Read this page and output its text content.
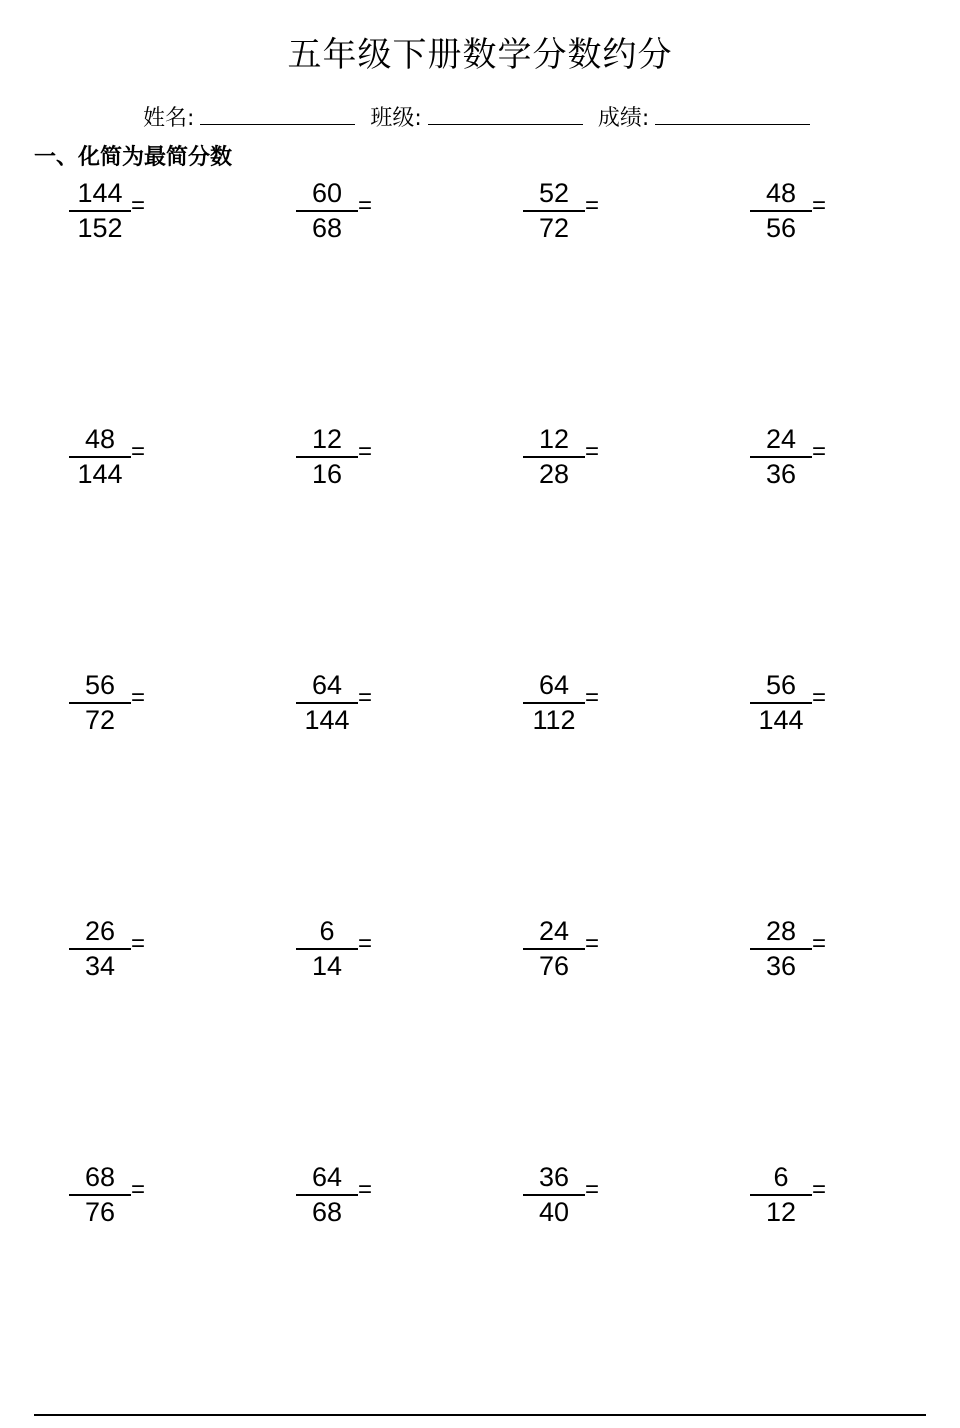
五年级下册数学分数约分
姓名:	班级:	成绩:
一、化简为最简分数
144
152
=	60
68
=	52
72
=	48
56
=
48
144
=	12
16
=	12
28
=	24
36
=
56
72
=	64
144
=	64
112
=	56
144
=
26
34
=	6
14
=	24
76
=	28
36
=
68
76
=	64
68
=	36
40
=	6
12
=
